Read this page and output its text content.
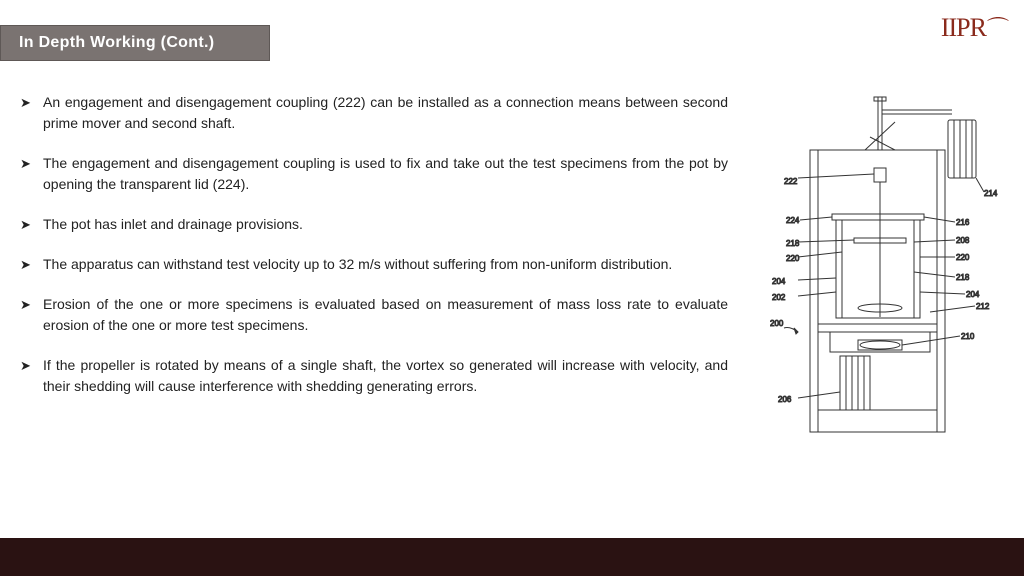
In Depth Working (Cont.)
IIPR⌒
➤ An engagement and disengagement coupling (222) can be installed as a connection means between second prime mover and second shaft.
➤ The engagement and disengagement coupling is used to fix and take out the test specimens from the pot by opening the transparent lid (224).
➤ The pot has inlet and drainage provisions.
➤ The apparatus can withstand test velocity up to 32 m/s without suffering from non-uniform distribution.
➤ Erosion of the one or more specimens is evaluated based on measurement of mass loss rate to evaluate erosion of the one or more test specimens.
➤ If the propeller is rotated by means of a single shaft, the vortex so generated will increase with velocity, and their shedding will cause interference with shedding generating errors.
222
224
218
220
204
202
200
206
214
216
208
220
218
204
212
210
